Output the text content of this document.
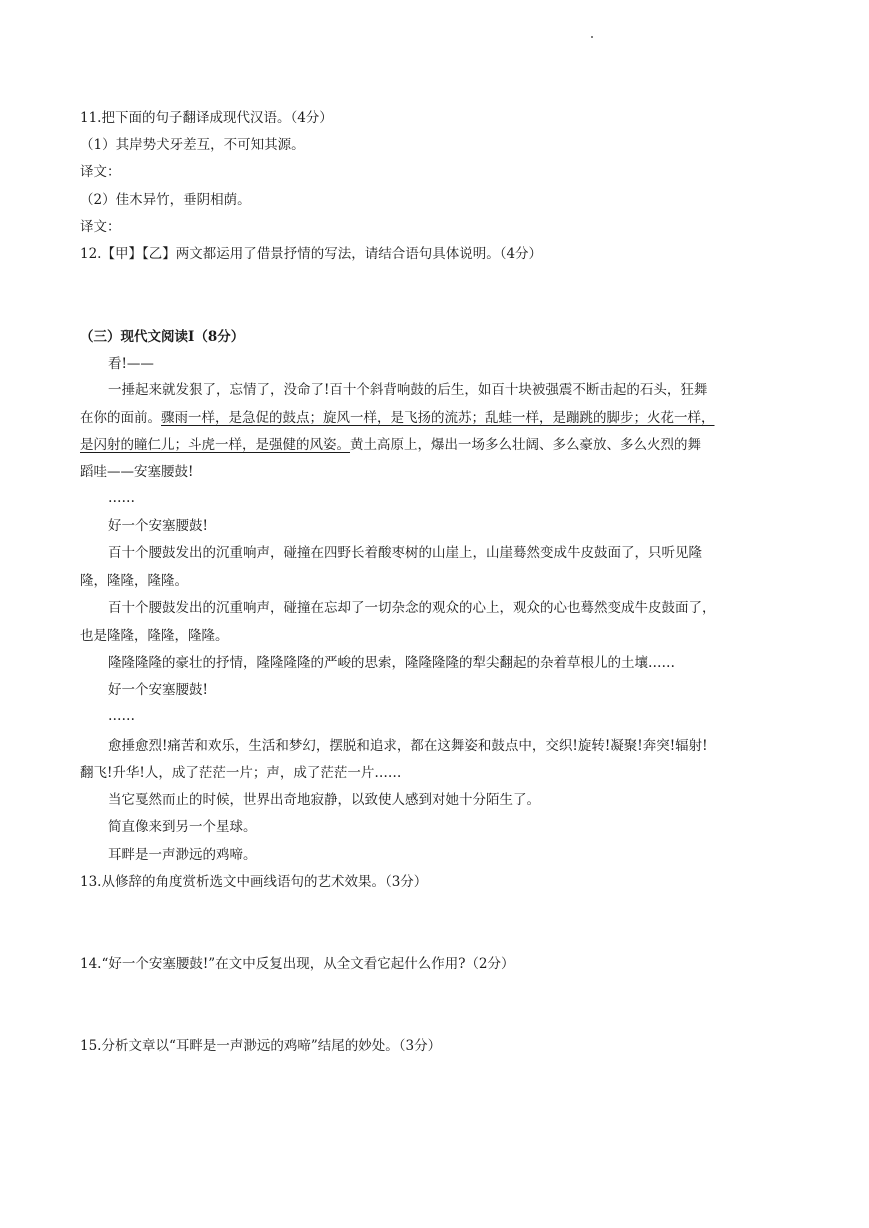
11.把下面的句子翻译成现代汉语。（4分）
（1）其岸势犬牙差互，不可知其源。
译文：
（2）佳木异竹，垂阴相荫。
译文：
12.【甲】【乙】两文都运用了借景抒情的写法，请结合语句具体说明。（4分）
（三）现代文阅读Ⅰ（8分）
看!——
一捶起来就发狠了，忘情了，没命了!百十个斜背响鼓的后生，如百十块被强震不断击起的石头，狂舞
在你的面前。骤雨一样，是急促的鼓点；旋风一样，是飞扬的流苏；乱蛙一样，是蹦跳的脚步；火花一样，
是闪射的瞳仁儿；斗虎一样，是强健的风姿。黄土高原上，爆出一场多么壮阔、多么豪放、多么火烈的舞
蹈哇——安塞腰鼓!
……
好一个安塞腰鼓!
百十个腰鼓发出的沉重响声，碰撞在四野长着酸枣树的山崖上，山崖蓦然变成牛皮鼓面了，只听见隆
隆，隆隆，隆隆。
百十个腰鼓发出的沉重响声，碰撞在忘却了一切杂念的观众的心上，观众的心也蓦然变成牛皮鼓面了，
也是隆隆，隆隆，隆隆。
隆隆隆隆的豪壮的抒情，隆隆隆隆的严峻的思索，隆隆隆隆的犁尖翻起的杂着草根儿的土壤……
好一个安塞腰鼓!
……
愈捶愈烈!痛苦和欢乐，生活和梦幻，摆脱和追求，都在这舞姿和鼓点中，交织!旋转!凝聚!奔突!辐射!
翻飞!升华!人，成了茫茫一片；声，成了茫茫一片……
当它戛然而止的时候，世界出奇地寂静，以致使人感到对她十分陌生了。
简直像来到另一个星球。
耳畔是一声渺远的鸡啼。
13.从修辞的角度赏析选文中画线语句的艺术效果。（3分）
14.“好一个安塞腰鼓!”在文中反复出现，从全文看它起什么作用?（2分）
15.分析文章以“耳畔是一声渺远的鸡啼”结尾的妙处。（3分）
